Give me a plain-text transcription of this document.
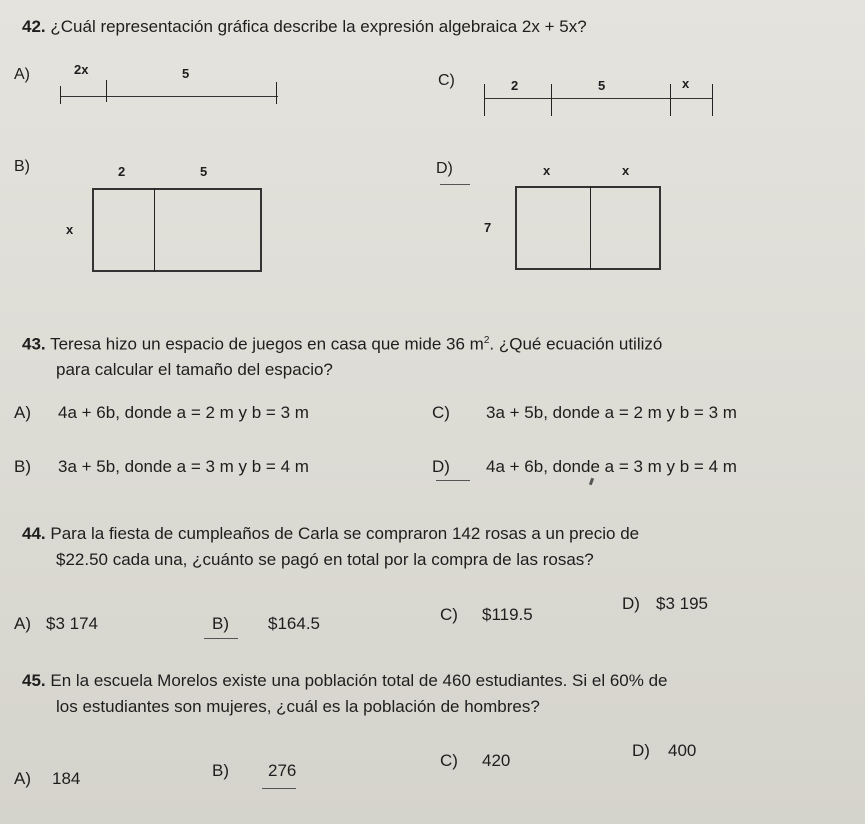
42. ¿Cuál representación gráfica describe la expresión algebraica 2x + 5x?
A)	2x	5	C)	2	5	x
B)	2	5
x
D)	x	x
7
43. Teresa hizo un espacio de juegos en casa que mide 36 $m^2$. ¿Qué ecuación utilizó
para calcular el tamaño del espacio?
A) 4a + 6b, donde a = 2 m y b = 3 m	C) 3a + 5b, donde a = 2 m y b = 3 m
B) 3a + 5b, donde a = 3 m y b = 4 m	D) 4a + 6b, donde a = 3 m y b = 4 m
44. Para la fiesta de cumpleaños de Carla se compraron 142 rosas a un precio de
$22.50 cada una, ¿cuánto se pagó en total por la compra de las rosas?
A) $3 174	B) $164.5	C) $119.5
D) $3 195
45. En la escuela Morelos existe una población total de 460 estudiantes. Si el 60% de
los estudiantes son mujeres, ¿cuál es la población de hombres?
A) 184	B) 276
C) 420
D) 400
